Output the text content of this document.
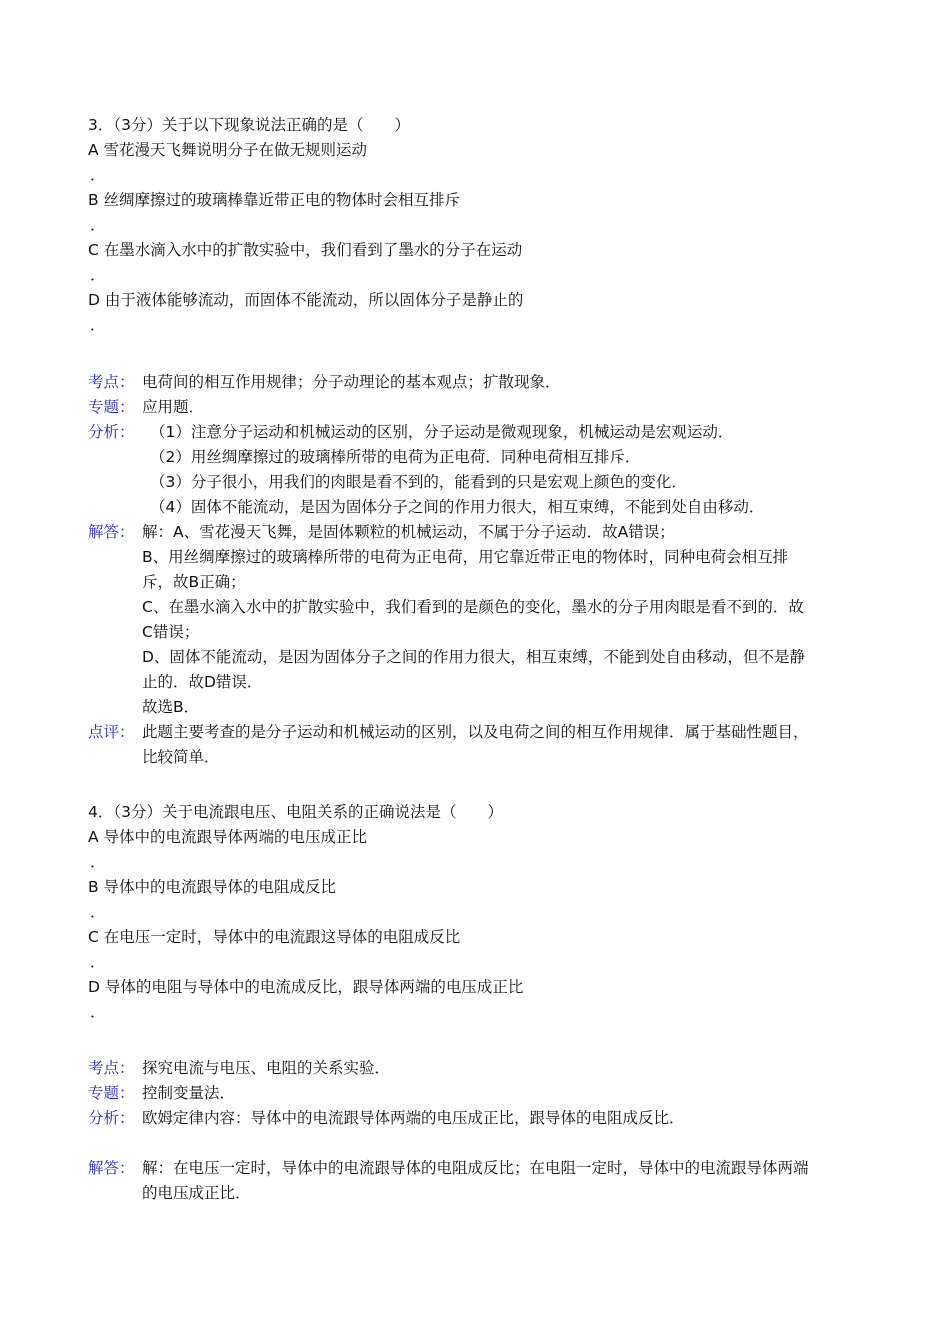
3．（3分）关于以下现象说法正确的是（　　）
A 雪花漫天飞舞说明分子在做无规则运动
．
B 丝绸摩擦过的玻璃棒靠近带正电的物体时会相互排斥
．
C 在墨水滴入水中的扩散实验中，我们看到了墨水的分子在运动
．
D 由于液体能够流动，而固体不能流动，所以固体分子是静止的
．
考点： 电荷间的相互作用规律；分子动理论的基本观点；扩散现象．
专题： 应用题．
分析： （1）注意分子运动和机械运动的区别，分子运动是微观现象，机械运动是宏观运动．
（2）用丝绸摩擦过的玻璃棒所带的电荷为正电荷．同种电荷相互排斥．
（3）分子很小，用我们的肉眼是看不到的，能看到的只是宏观上颜色的变化．
（4）固体不能流动，是因为固体分子之间的作用力很大，相互束缚，不能到处自由移动．
解答： 解：A、雪花漫天飞舞，是固体颗粒的机械运动，不属于分子运动．故A错误；
B、用丝绸摩擦过的玻璃棒所带的电荷为正电荷，用它靠近带正电的物体时，同种电荷会相互排
斥，故B正确；
C、在墨水滴入水中的扩散实验中，我们看到的是颜色的变化，墨水的分子用肉眼是看不到的．故
C错误；
D、固体不能流动，是因为固体分子之间的作用力很大，相互束缚，不能到处自由移动，但不是静
止的．故D错误．
故选B．
点评： 此题主要考查的是分子运动和机械运动的区别，以及电荷之间的相互作用规律．属于基础性题目，
比较简单．
4．（3分）关于电流跟电压、电阻关系的正确说法是（　　）
A 导体中的电流跟导体两端的电压成正比
．
B 导体中的电流跟导体的电阻成反比
．
C 在电压一定时，导体中的电流跟这导体的电阻成反比
．
D 导体的电阻与导体中的电流成反比，跟导体两端的电压成正比
．
考点： 探究电流与电压、电阻的关系实验．
专题： 控制变量法．
分析： 欧姆定律内容：导体中的电流跟导体两端的电压成正比，跟导体的电阻成反比．
解答： 解：在电压一定时，导体中的电流跟导体的电阻成反比；在电阻一定时，导体中的电流跟导体两端
的电压成正比．
